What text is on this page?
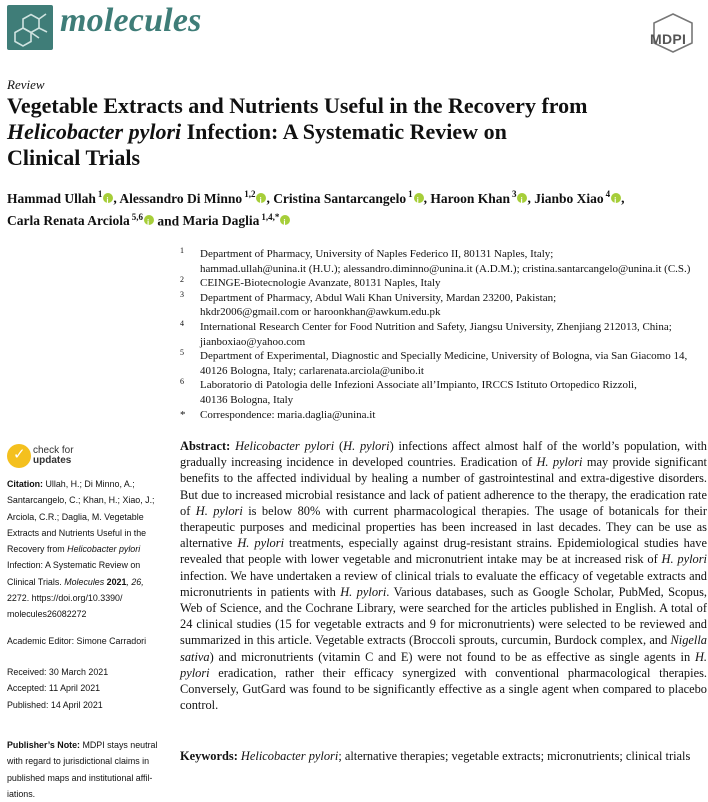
molecules	MDPI
Review
Vegetable Extracts and Nutrients Useful in the Recovery from
Helicobacter pylori Infection: A Systematic Review on
Clinical Trials
Hammad Ullah $^1$ i , Alessandro Di Minno $^{1,2}$ i , Cristina Santarcangelo $^1$ i , Haroon Khan $^3$ i , Jianbo Xiao $^4$ i ,
Carla Renata Arciola $^{5,6}$i and Maria Daglia $^{1,4,*}$i
1 Department of Pharmacy, University of Naples Federico II, 80131 Naples, Italy;
hammad.ullah@unina.it (H.U.); alessandro.diminno@unina.it (A.D.M.); cristina.santarcangelo@unina.it (C.S.)
2 CEINGE-Biotecnologie Avanzate, 80131 Naples, Italy
3 Department of Pharmacy, Abdul Wali Khan University, Mardan 23200, Pakistan;
hkdr2006@gmail.com or haroonkhan@awkum.edu.pk
4 International Research Center for Food Nutrition and Safety, Jiangsu University, Zhenjiang 212013, China;
jianboxiao@yahoo.com
5 Department of Experimental, Diagnostic and Specially Medicine, University of Bologna, via San Giacomo 14,
40126 Bologna, Italy; carlarenata.arciola@unibo.it
6 Laboratorio di Patologia delle Infezioni Associate all’Impianto, IRCCS Istituto Ortopedico Rizzoli,
40136 Bologna, Italy
* Correspondence: maria.daglia@unina.it
✓
check for
updates
Citation: Ullah, H.; Di Minno, A.;
Santarcangelo, C.; Khan, H.; Xiao, J.;
Arciola, C.R.; Daglia, M. Vegetable
Extracts and Nutrients Useful in the
Recovery from Helicobacter pylori
Infection: A Systematic Review on
Clinical Trials. Molecules 2021, 26,
2272. https://doi.org/10.3390/
molecules26082272
Academic Editor: Simone Carradori
Received: 30 March 2021
Accepted: 11 April 2021
Published: 14 April 2021
Publisher’s Note: MDPI stays neutral
with regard to jurisdictional claims in
published maps and institutional affil-
iations.
Abstract: Helicobacter pylori (H. pylori) infections affect almost half of the world’s population, with gradually increasing incidence in developed countries. Eradication of H. pylori may provide significant benefits to the affected individual by healing a number of gastrointestinal and extra-digestive disorders. But due to increased microbial resistance and lack of patient adherence to the therapy, the eradication rate of H. pylori is below 80% with current pharmacological therapies. The usage of botanicals for their therapeutic purposes and medicinal properties has been increased in last decades. They can be use as alternative H. pylori treatments, especially against drug-resistant strains. Epidemiological studies have revealed that people with lower vegetable and micronutrient intake may be at increased risk of H. pylori infection. We have undertaken a review of clinical trials to evaluate the efficacy of vegetable extracts and micronutrients in patients with H. pylori. Various databases, such as Google Scholar, PubMed, Scopus, Web of Science, and the Cochrane Library, were searched for the articles published in English. A total of 24 clinical studies (15 for vegetable extracts and 9 for micronutrients) were selected to be reviewed and summarized in this article. Vegetable extracts (Broccoli sprouts, curcumin, Burdock complex, and Nigella sativa) and micronutrients (vitamin C and E) were not found to be as effective as single agents in H. pylori eradication, rather their efficacy synergized with conventional pharmacological therapies. Conversely, GutGard was found to be significantly effective as a single agent when compared to placebo control.
Keywords: Helicobacter pylori; alternative therapies; vegetable extracts; micronutrients; clinical trials
